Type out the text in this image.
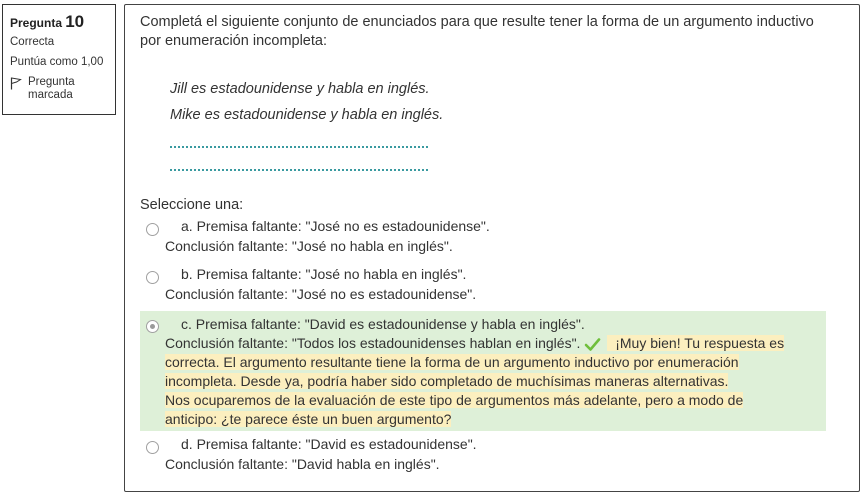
Pregunta 10
Correcta
Puntúa como 1,00
Pregunta marcada
Completá el siguiente conjunto de enunciados para que resulte tener la forma de un argumento inductivo por enumeración incompleta:
Jill es estadounidense y habla en inglés.
Mike es estadounidense y habla en inglés.
Seleccione una:
a. Premisa faltante: "José no es estadounidense".
Conclusión faltante: "José no habla en inglés".
b. Premisa faltante: "José no habla en inglés".
Conclusión faltante: "José no es estadounidense".
c. Premisa faltante: "David es estadounidense y habla en inglés".
Conclusión faltante: "Todos los estadounidenses hablan en inglés". ¡Muy bien! Tu respuesta es
correcta. El argumento resultante tiene la forma de un argumento inductivo por enumeración
incompleta. Desde ya, podría haber sido completado de muchísimas maneras alternativas.
Nos ocuparemos de la evaluación de este tipo de argumentos más adelante, pero a modo de
anticipo: ¿te parece éste un buen argumento?
d. Premisa faltante: "David es estadounidense".
Conclusión faltante: "David habla en inglés".
